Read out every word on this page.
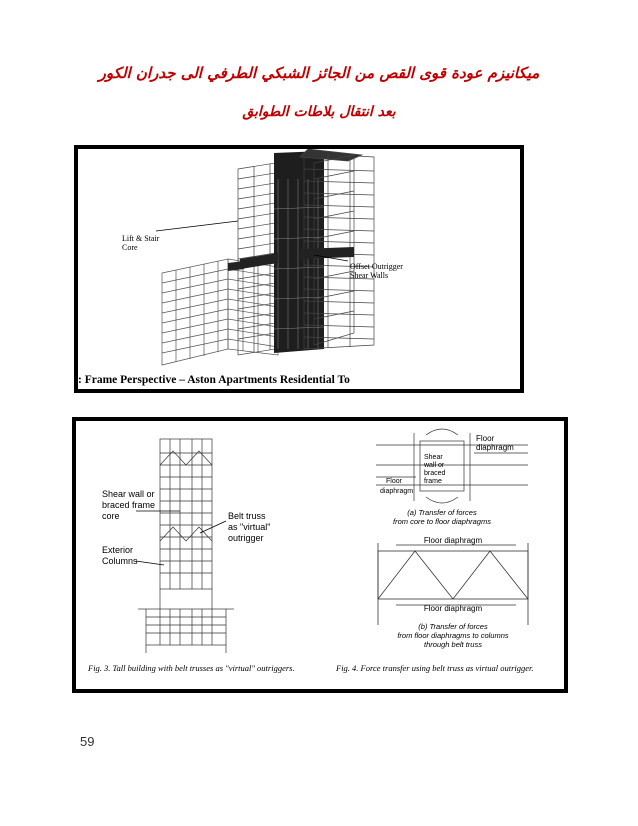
ميكانيزم عودة قوى القص من الجائز الشبكي الطرفي الى جدران الكور
بعد انتقال بلاطات الطوابق
Lift & Stair
Core
Offset Outrigger
Shear Walls
: Frame Perspective – Aston Apartments Residential To
Shear wall or
braced frame
core	Belt truss
as "virtual"
outrigger
Exterior
Columns
Floor
diaphragm
Shear
wall or
braced
frame
Floor
diaphragm
(a) Transfer of forces
from core to floor diaphragms
Floor diaphragm
Floor diaphragm
(b) Transfer of forces
from floor diaphragms to columns
through belt truss
Fig. 3. Tall building with belt trusses as "virtual" outriggers.	Fig. 4. Force transfer using belt truss as virtual outrigger.
59
